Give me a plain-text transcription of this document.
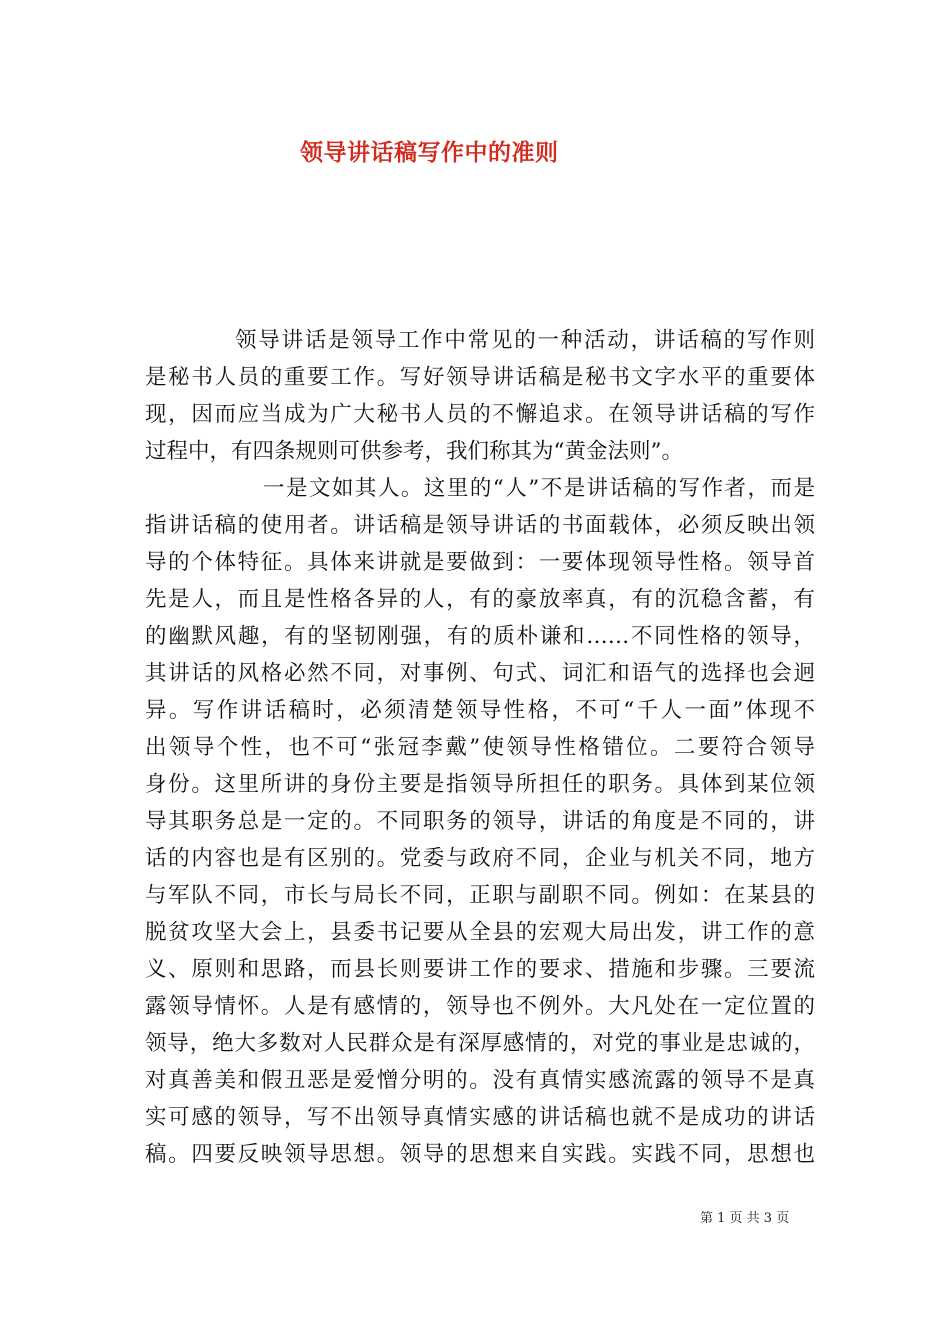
领导讲话稿写作中的准则
领导讲话是领导工作中常见的一种活动，讲话稿的写作则
是秘书人员的重要工作。写好领导讲话稿是秘书文字水平的重要体
现，因而应当成为广大秘书人员的不懈追求。在领导讲话稿的写作
过程中，有四条规则可供参考，我们称其为“黄金法则”。
一是文如其人。这里的“人”不是讲话稿的写作者，而是
指讲话稿的使用者。讲话稿是领导讲话的书面载体，必须反映出领
导的个体特征。具体来讲就是要做到：一要体现领导性格。领导首
先是人，而且是性格各异的人，有的豪放率真，有的沉稳含蓄，有
的幽默风趣，有的坚韧刚强，有的质朴谦和……不同性格的领导，
其讲话的风格必然不同，对事例、句式、词汇和语气的选择也会迥
异。写作讲话稿时，必须清楚领导性格，不可“千人一面”体现不
出领导个性，也不可“张冠李戴”使领导性格错位。二要符合领导
身份。这里所讲的身份主要是指领导所担任的职务。具体到某位领
导其职务总是一定的。不同职务的领导，讲话的角度是不同的，讲
话的内容也是有区别的。党委与政府不同，企业与机关不同，地方
与军队不同，市长与局长不同，正职与副职不同。例如：在某县的
脱贫攻坚大会上，县委书记要从全县的宏观大局出发，讲工作的意
义、原则和思路，而县长则要讲工作的要求、措施和步骤。三要流
露领导情怀。人是有感情的，领导也不例外。大凡处在一定位置的
领导，绝大多数对人民群众是有深厚感情的，对党的事业是忠诚的，
对真善美和假丑恶是爱憎分明的。没有真情实感流露的领导不是真
实可感的领导，写不出领导真情实感的讲话稿也就不是成功的讲话
稿。四要反映领导思想。领导的思想来自实践。实践不同，思想也
第 1 页 共 3 页
